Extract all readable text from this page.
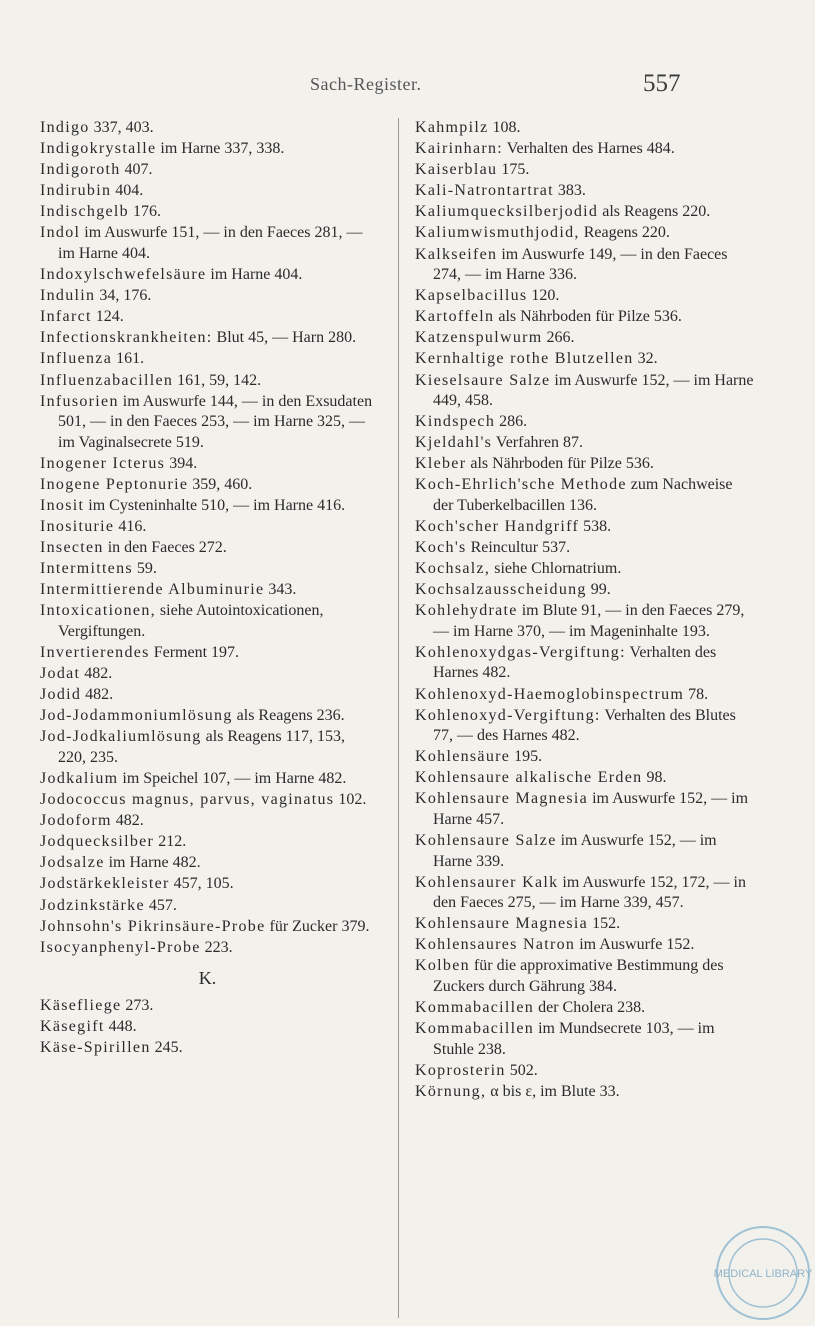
Sach-Register.	557

Indigo 337, 403.

Indigokrystalle im Harne 337, 338.

Indigoroth 407.

Indirubin 404.

Indischgelb 176.

Indol im Auswurfe 151, — in den Faeces 281, — im Harne 404.

Indoxylschwefelsäure im Harne 404.

Indulin 34, 176.

Infarct 124.

Infectionskrankheiten: Blut 45, — Harn 280.

Influenza 161.

Influenzabacillen 161, 59, 142.

Infusorien im Auswurfe 144, — in den Exsudaten 501, — in den Faeces 253, — im Harne 325, — im Vaginalsecrete 519.

Inogener Icterus 394.

Inogene Peptonurie 359, 460.

Inosit im Cysteninhalte 510, — im Harne 416.

Inositurie 416.

Insecten in den Faeces 272.

Intermittens 59.

Intermittierende Albuminurie 343.

Intoxicationen, siehe Autointoxicationen, Vergiftungen.

Invertierendes Ferment 197.

Jodat 482.

Jodid 482.

Jod-Jodammoniumlösung als Reagens 236.

Jod-Jodkaliumlösung als Reagens 117, 153, 220, 235.

Jodkalium im Speichel 107, — im Harne 482.

Jodococcus magnus, parvus, vaginatus 102.

Jodoform 482.

Jodquecksilber 212.

Jodsalze im Harne 482.

Jodstärkekleister 457, 105.

Jodzinkstärke 457.

Johnsohn's Pikrinsäure-Probe für Zucker 379.

Isocyanphenyl-Probe 223.

K.

Käsefliege 273.

Käsegift 448.

Käse-Spirillen 245.

Kahmpilz 108.

Kairinharn: Verhalten des Harnes 484.

Kaiserblau 175.

Kali-Natrontartrat 383.

Kaliumquecksilberjodid als Reagens 220.

Kaliumwismuthjodid, Reagens 220.

Kalkseifen im Auswurfe 149, — in den Faeces 274, — im Harne 336.

Kapselbacillus 120.

Kartoffeln als Nährboden für Pilze 536.

Katzenspulwurm 266.

Kernhaltige rothe Blutzellen 32.

Kieselsaure Salze im Auswurfe 152, — im Harne 449, 458.

Kindspech 286.

Kjeldahl's Verfahren 87.

Kleber als Nährboden für Pilze 536.

Koch-Ehrlich'sche Methode zum Nachweise der Tuberkelbacillen 136.

Koch'scher Handgriff 538.

Koch's Reincultur 537.

Kochsalz, siehe Chlornatrium.

Kochsalzausscheidung 99.

Kohlehydrate im Blute 91, — in den Faeces 279, — im Harne 370, — im Mageninhalte 193.

Kohlenoxydgas-Vergiftung: Verhalten des Harnes 482.

Kohlenoxyd-Haemoglobinspectrum 78.

Kohlenoxyd-Vergiftung: Verhalten des Blutes 77, — des Harnes 482.

Kohlensäure 195.

Kohlensaure alkalische Erden 98.

Kohlensaure Magnesia im Auswurfe 152, — im Harne 457.

Kohlensaure Salze im Auswurfe 152, — im Harne 339.

Kohlensaurer Kalk im Auswurfe 152, 172, — in den Faeces 275, — im Harne 339, 457.

Kohlensaure Magnesia 152.

Kohlensaures Natron im Auswurfe 152.

Kolben für die approximative Bestimmung des Zuckers durch Gährung 384.

Kommabacillen der Cholera 238.

Kommabacillen im Mundsecrete 103, — im Stuhle 238.

Koprosterin 502.

Körnung, α bis ε, im Blute 33.

MEDICAL LIBRARY
